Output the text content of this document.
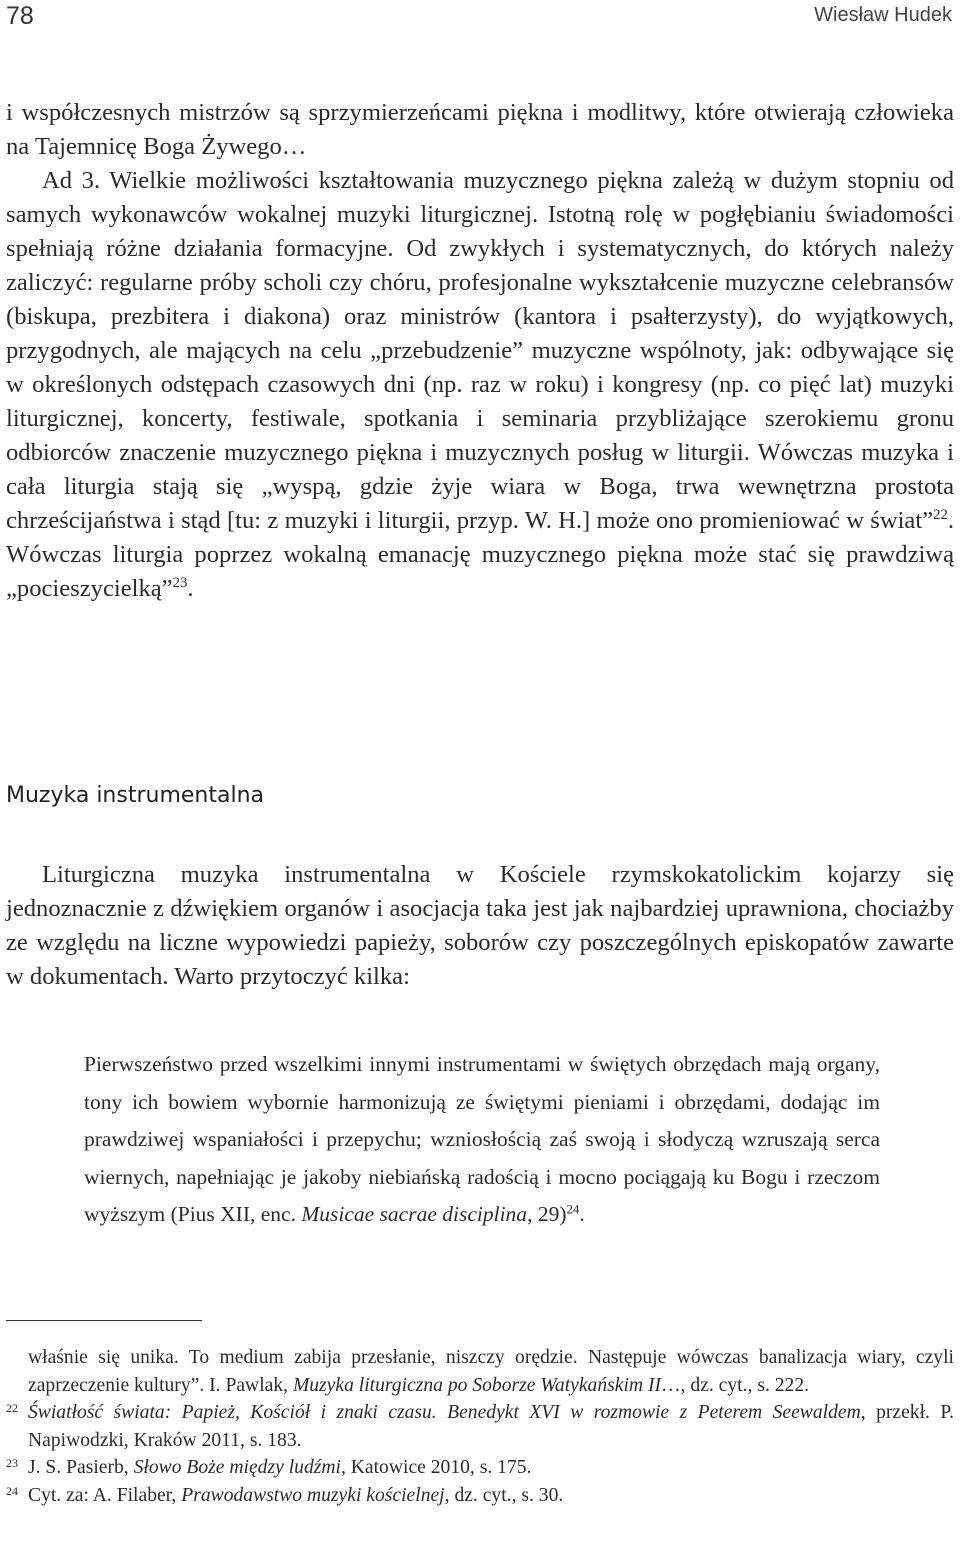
78	Wiesław Hudek

i współczesnych mistrzów są sprzymierzeńcami piękna i modlitwy, które otwierają człowieka na Tajemnicę Boga Żywego…

Ad 3. Wielkie możliwości kształtowania muzycznego piękna zależą w dużym stopniu od samych wykonawców wokalnej muzyki liturgicznej. Istotną rolę w pogłębianiu świadomości spełniają różne działania formacyjne. Od zwykłych i systematycznych, do których należy zaliczyć: regularne próby scholi czy chóru, profesjonalne wykształcenie muzyczne celebransów (biskupa, prezbitera i diakona) oraz ministrów (kantora i psałterzysty), do wyjątkowych, przygodnych, ale mających na celu „przebudzenie” muzyczne wspólnoty, jak: odbywające się w określonych odstępach czasowych dni (np. raz w roku) i kongresy (np. co pięć lat) muzyki liturgicznej, koncerty, festiwale, spotkania i seminaria przybliżające szerokiemu gronu odbiorców znaczenie muzycznego piękna i muzycznych posług w liturgii. Wówczas muzyka i cała liturgia stają się „wyspą, gdzie żyje wiara w Boga, trwa wewnętrzna prostota chrześcijaństwa i stąd [tu: z muzyki i liturgii, przyp. W. H.] może ono promieniować w świat”$^{22}$. Wówczas liturgia poprzez wokalną emanację muzycznego piękna może stać się prawdziwą „pocieszycielką”$^{23}$.

Muzyka instrumentalna

Liturgiczna muzyka instrumentalna w Kościele rzymskokatolickim kojarzy się jednoznacznie z dźwiękiem organów i asocjacja taka jest jak najbardziej uprawniona, chociażby ze względu na liczne wypowiedzi papieży, soborów czy poszczególnych episkopatów zawarte w dokumentach. Warto przytoczyć kilka:

Pierwszeństwo przed wszelkimi innymi instrumentami w świętych obrzędach mają organy, tony ich bowiem wybornie harmonizują ze świętymi pieniami i obrzędami, dodając im prawdziwej wspaniałości i przepychu; wzniosłością zaś swoją i słodyczą wzruszają serca wiernych, napełniając je jakoby niebiańską radością i mocno pociągają ku Bogu i rzeczom wyższym (Pius XII, enc. Musicae sacrae disciplina, 29)$^{24}$.
właśnie się unika. To medium zabija przesłanie, niszczy orędzie. Następuje wówczas banalizacja wiary, czyli zaprzeczenie kultury”. I. Pawlak, Muzyka liturgiczna po Soborze Watykańskim II…, dz. cyt., s. 222.
22 Światłość świata: Papież, Kościół i znaki czasu. Benedykt XVI w rozmowie z Peterem Seewaldem, przekł. P. Napiwodzki, Kraków 2011, s. 183.
23 J. S. Pasierb, Słowo Boże między ludźmi, Katowice 2010, s. 175.
24 Cyt. za: A. Filaber, Prawodawstwo muzyki kościelnej, dz. cyt., s. 30.
